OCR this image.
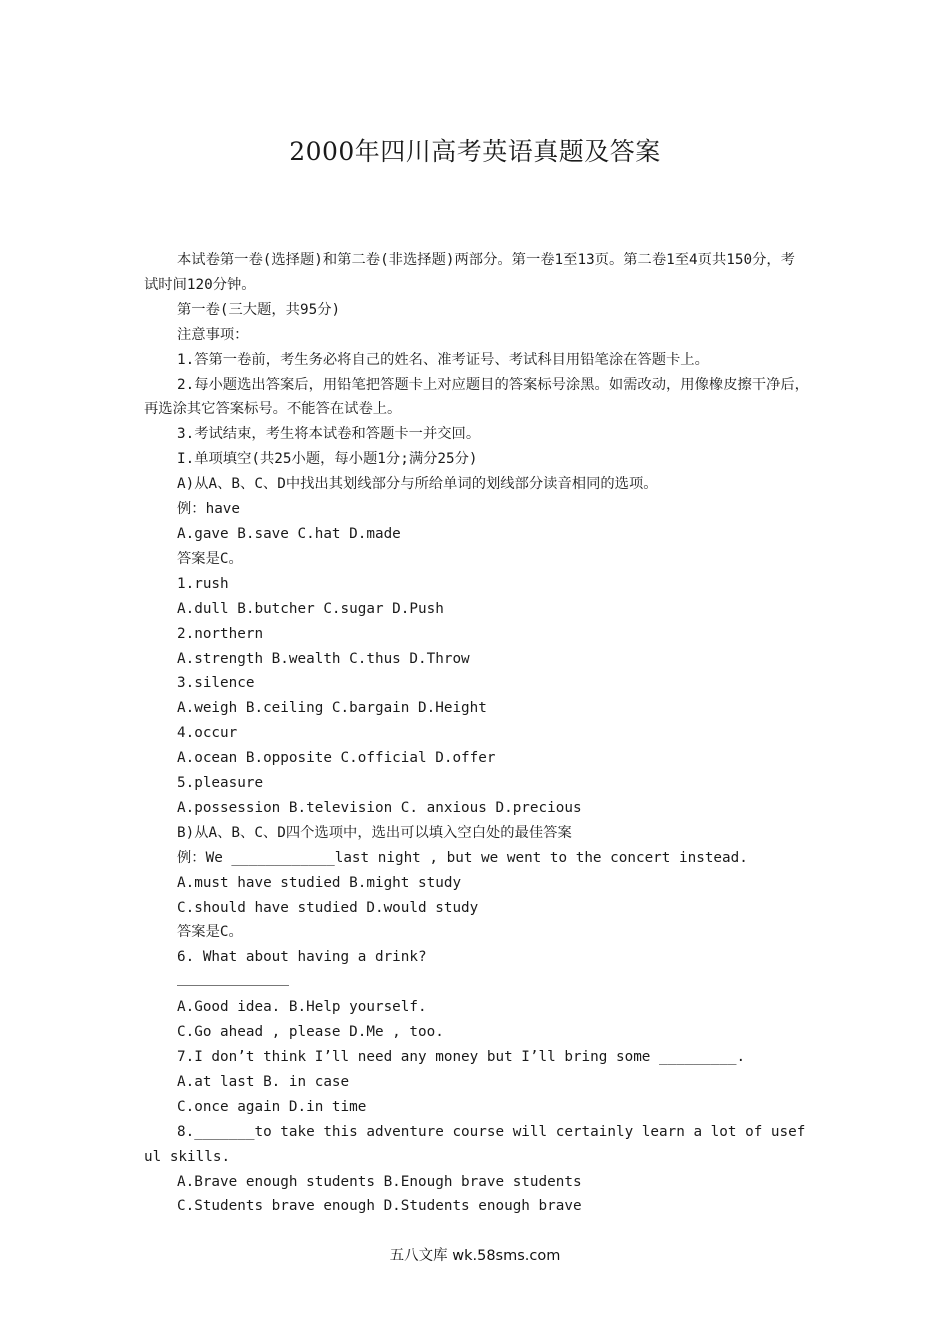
2000年四川高考英语真题及答案

本试卷第一卷(选择题)和第二卷(非选择题)两部分。第一卷1至13页。第二卷1至4页共150分，考试时间120分钟。

第一卷(三大题，共95分)

注意事项：

1.答第一卷前，考生务必将自己的姓名、准考证号、考试科目用铅笔涂在答题卡上。

2.每小题选出答案后，用铅笔把答题卡上对应题目的答案标号涂黑。如需改动，用像橡皮擦干净后，再选涂其它答案标号。不能答在试卷上。

3.考试结束，考生将本试卷和答题卡一并交回。

I.单项填空(共25小题，每小题1分;满分25分)

A)从A、B、C、D中找出其划线部分与所给单词的划线部分读音相同的选项。

例：have

A.gave B.save C.hat D.made

答案是C。

1.rush

A.dull B.butcher C.sugar D.Push

2.northern

A.strength B.wealth C.thus D.Throw

3.silence

A.weigh B.ceiling C.bargain D.Height

4.occur

A.ocean B.opposite C.official D.offer

5.pleasure

A.possession B.television C. anxious D.precious

B)从A、B、C、D四个选项中，选出可以填入空白处的最佳答案

例：We ____________last night , but we went to the concert instead.

A.must have studied B.might study

C.should have studied D.would study

答案是C。

6. What about having a drink?

A.Good idea. B.Help yourself.

C.Go ahead , please D.Me , too.

7.I don’t think I’ll need any money but I’ll bring some _________.

A.at last B. in case

C.once again D.in time

8._______to take this adventure course will certainly learn a lot of useful skills.

A.Brave enough students B.Enough brave students

C.Students brave enough D.Students enough brave

五八文库 wk.58sms.com
